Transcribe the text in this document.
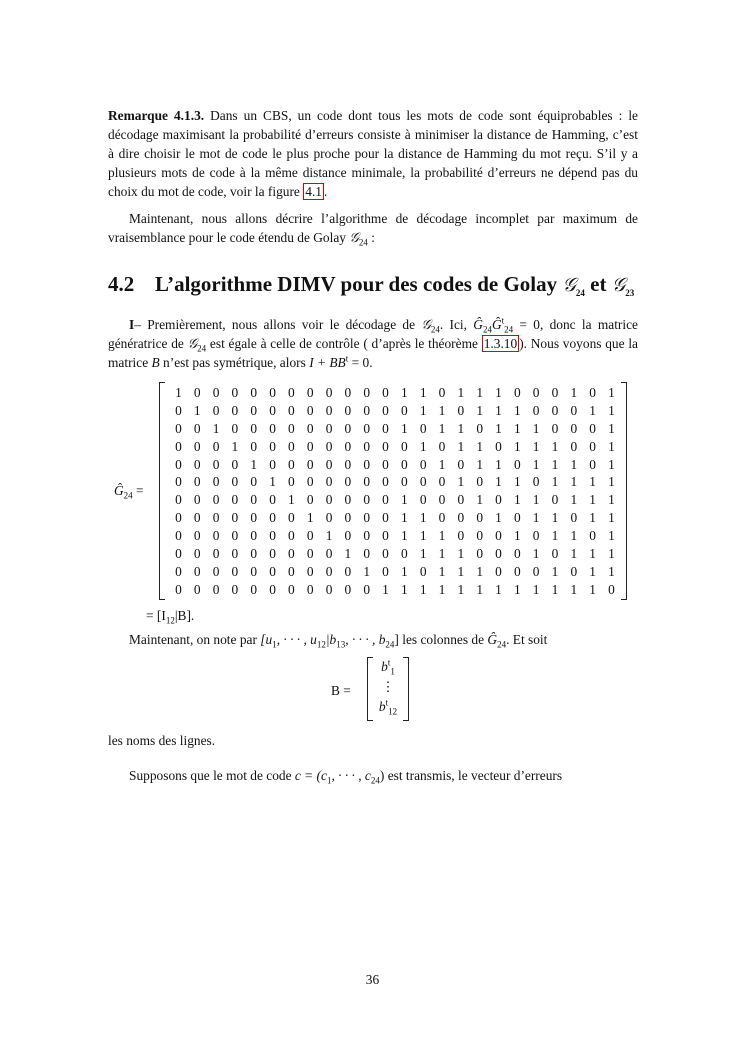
Remarque 4.1.3. Dans un CBS, un code dont tous les mots de code sont équiprobables : le décodage maximisant la probabilité d’erreurs consiste à minimiser la distance de Hamming, c’est à dire choisir le mot de code le plus proche pour la distance de Hamming du mot reçu. S’il y a plusieurs mots de code à la même distance minimale, la probabilité d’erreurs ne dépend pas du choix du mot de code, voir la figure 4.1 .

Maintenant, nous allons décrire l’algorithme de décodage incomplet par maximum de vraisemblance pour le code étendu de Golay 𝒢$_{24}$ :

4.2 L’algorithme DIMV pour des codes de Golay 𝒢$_{24}$ et 𝒢$_{23}$

I– Premièrement, nous allons voir le décodage de 𝒢$_{24}$. Ici, $Ĝ_{24}Ĝ^t_{24} = 0$, donc la matrice génératrice de 𝒢$_{24}$ est égale à celle de contrôle ( d’après le théorème 1.3.10 ). Nous voyons que la matrice B n’est pas symétrique, alors $I + BB^t = 0$.

$Ĝ_{24}$ =
1 0 0 0 0 0 0 0 0 0 0 0 1 1 0 1 1 1 0 0 0 1 0 1
0 1 0 0 0 0 0 0 0 0 0 0 0 1 1 0 1 1 1 0 0 0 1 1
0 0 1 0 0 0 0 0 0 0 0 0 1 0 1 1 0 1 1 1 0 0 0 1
0 0 0 1 0 0 0 0 0 0 0 0 0 1 0 1 1 0 1 1 1 0 0 1
0 0 0 0 1 0 0 0 0 0 0 0 0 0 1 0 1 1 0 1 1 1 0 1
0 0 0 0 0 1 0 0 0 0 0 0 0 0 0 1 0 1 1 0 1 1 1 1
0 0 0 0 0 0 1 0 0 0 0 0 1 0 0 0 1 0 1 1 0 1 1 1
0 0 0 0 0 0 0 1 0 0 0 0 1 1 0 0 0 1 0 1 1 0 1 1
0 0 0 0 0 0 0 0 1 0 0 0 1 1 1 0 0 0 1 0 1 1 0 1
0 0 0 0 0 0 0 0 0 1 0 0 0 1 1 1 0 0 0 1 0 1 1 1
0 0 0 0 0 0 0 0 0 0 1 0 1 0 1 1 1 0 0 0 1 0 1 1
0 0 0 0 0 0 0 0 0 0 0 1 1 1 1 1 1 1 1 1 1 1 1 0

= $[I_{12}|B]$.

Maintenant, on note par [$u_1$, · · · , $u_{12}|b_{13}$, · · · , $b_{24}$] les colonnes de $Ĝ_{24}$. Et soit

B =
$b^t_1$
⋮
$b^t_{12}$

les noms des lignes.

Supposons que le mot de code $c = (c_1$, · · · , $c_{24}$) est transmis, le vecteur d’erreurs

36
